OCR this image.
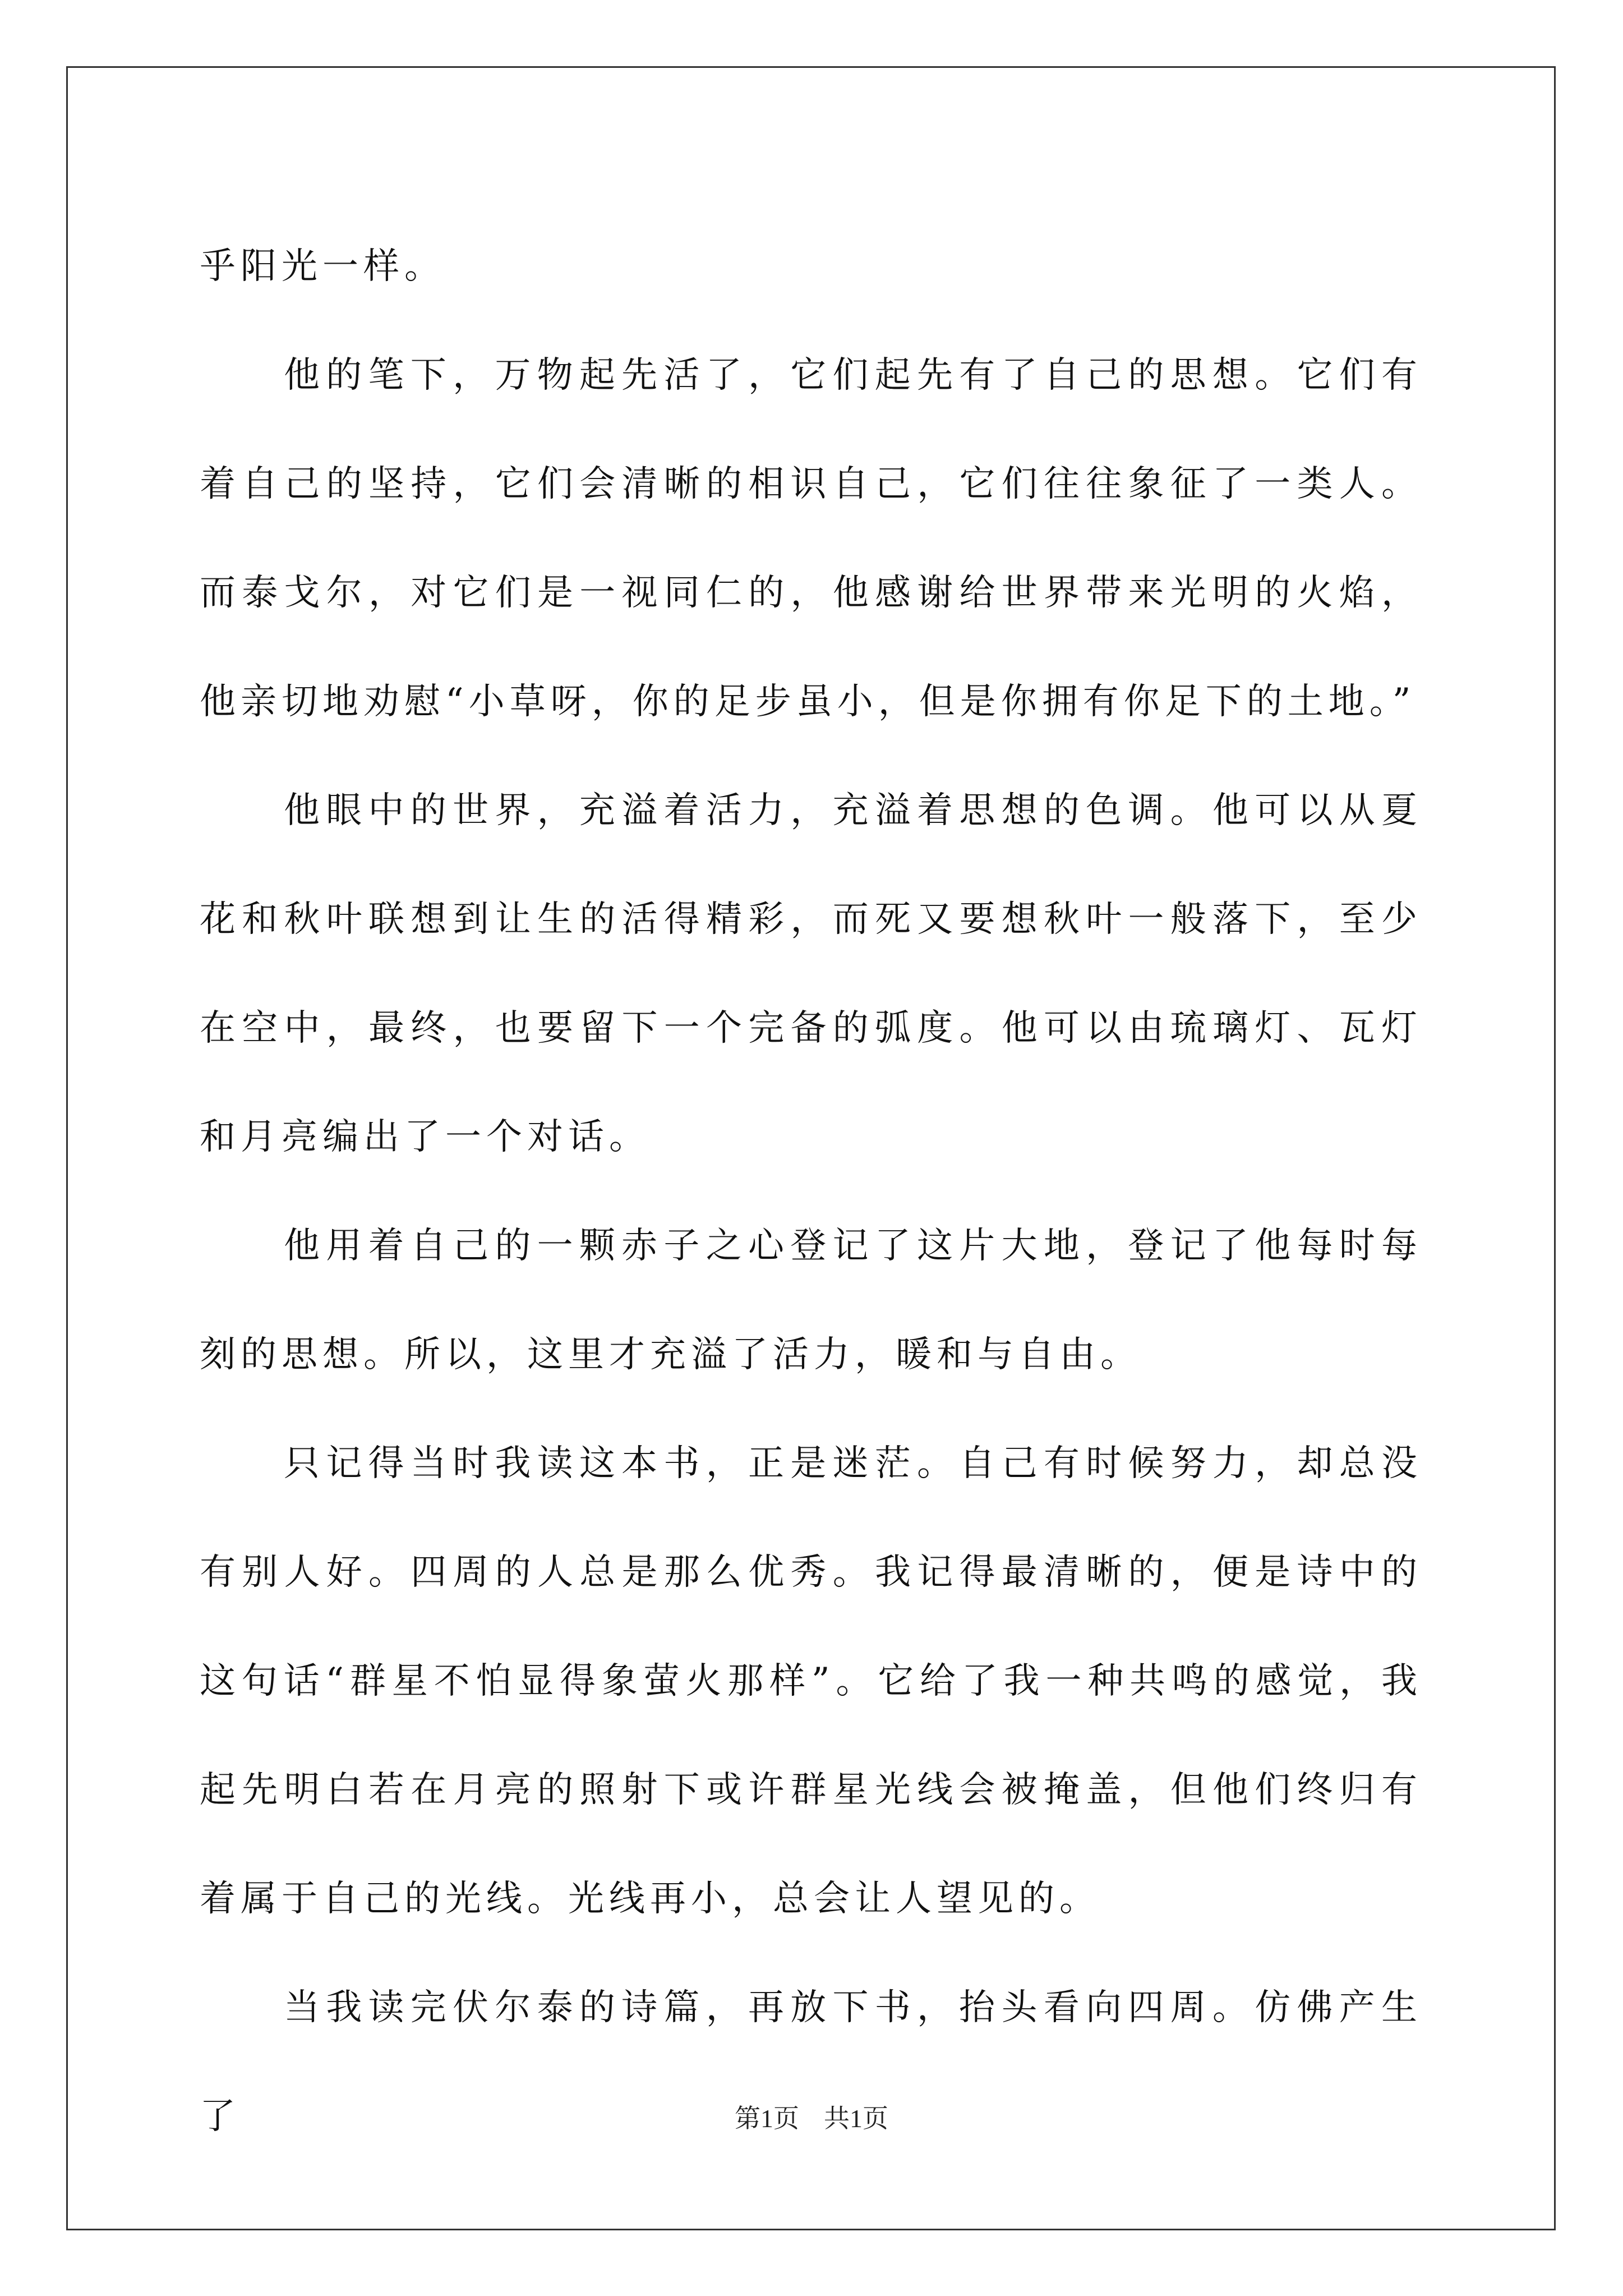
乎阳光一样。

他的笔下，万物起先活了，它们起先有了自己的思想。它们有着自己的坚持，它们会清晰的相识自己，它们往往象征了一类人。而泰戈尔，对它们是一视同仁的，他感谢给世界带来光明的火焰，他亲切地劝慰“小草呀，你的足步虽小，但是你拥有你足下的土地。”

他眼中的世界，充溢着活力，充溢着思想的色调。他可以从夏花和秋叶联想到让生的活得精彩，而死又要想秋叶一般落下，至少在空中，最终，也要留下一个完备的弧度。他可以由琉璃灯、瓦灯和月亮编出了一个对话。

他用着自己的一颗赤子之心登记了这片大地，登记了他每时每刻的思想。所以，这里才充溢了活力，暖和与自由。

只记得当时我读这本书，正是迷茫。自己有时候努力，却总没有别人好。四周的人总是那么优秀。我记得最清晰的，便是诗中的这句话“群星不怕显得象萤火那样”。它给了我一种共鸣的感觉，我起先明白若在月亮的照射下或许群星光线会被掩盖，但他们终归有着属于自己的光线。光线再小，总会让人望见的。

当我读完伏尔泰的诗篇，再放下书，抬头看向四周。仿佛产生了	第1页 共1页
